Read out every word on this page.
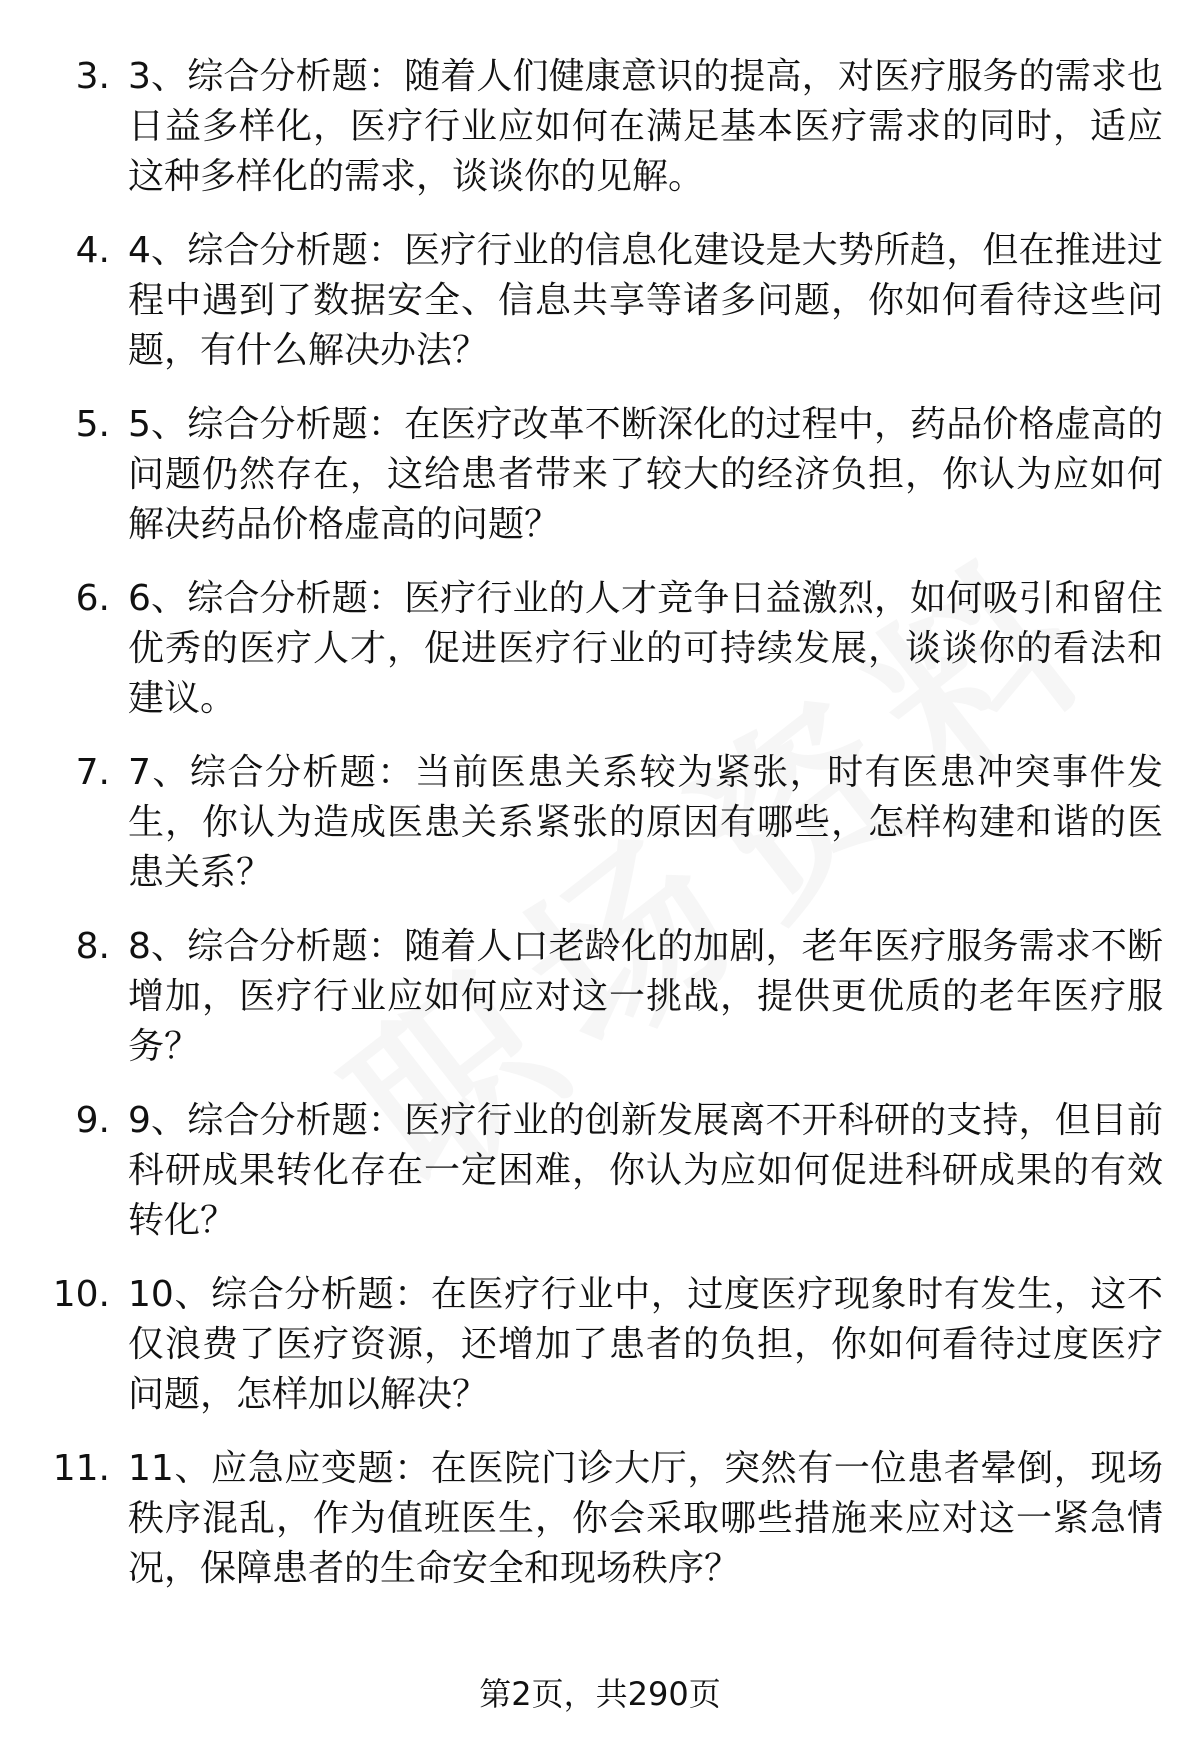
3. 3、综合分析题：随着人们健康意识的提高，对医疗服务的需求也日益多样化，医疗行业应如何在满足基本医疗需求的同时，适应这种多样化的需求，谈谈你的见解。
4. 4、综合分析题：医疗行业的信息化建设是大势所趋，但在推进过程中遇到了数据安全、信息共享等诸多问题，你如何看待这些问题，有什么解决办法？
5. 5、综合分析题：在医疗改革不断深化的过程中，药品价格虚高的问题仍然存在，这给患者带来了较大的经济负担，你认为应如何解决药品价格虚高的问题？
6. 6、综合分析题：医疗行业的人才竞争日益激烈，如何吸引和留住优秀的医疗人才，促进医疗行业的可持续发展，谈谈你的看法和建议。
7. 7、综合分析题：当前医患关系较为紧张，时有医患冲突事件发生，你认为造成医患关系紧张的原因有哪些，怎样构建和谐的医患关系？
8. 8、综合分析题：随着人口老龄化的加剧，老年医疗服务需求不断增加，医疗行业应如何应对这一挑战，提供更优质的老年医疗服务？
9. 9、综合分析题：医疗行业的创新发展离不开科研的支持，但目前科研成果转化存在一定困难，你认为应如何促进科研成果的有效转化？
10. 10、综合分析题：在医疗行业中，过度医疗现象时有发生，这不仅浪费了医疗资源，还增加了患者的负担，你如何看待过度医疗问题，怎样加以解决？
11. 11、应急应变题：在医院门诊大厅，突然有一位患者晕倒，现场秩序混乱，作为值班医生，你会采取哪些措施来应对这一紧急情况，保障患者的生命安全和现场秩序？
第2页，共290页
